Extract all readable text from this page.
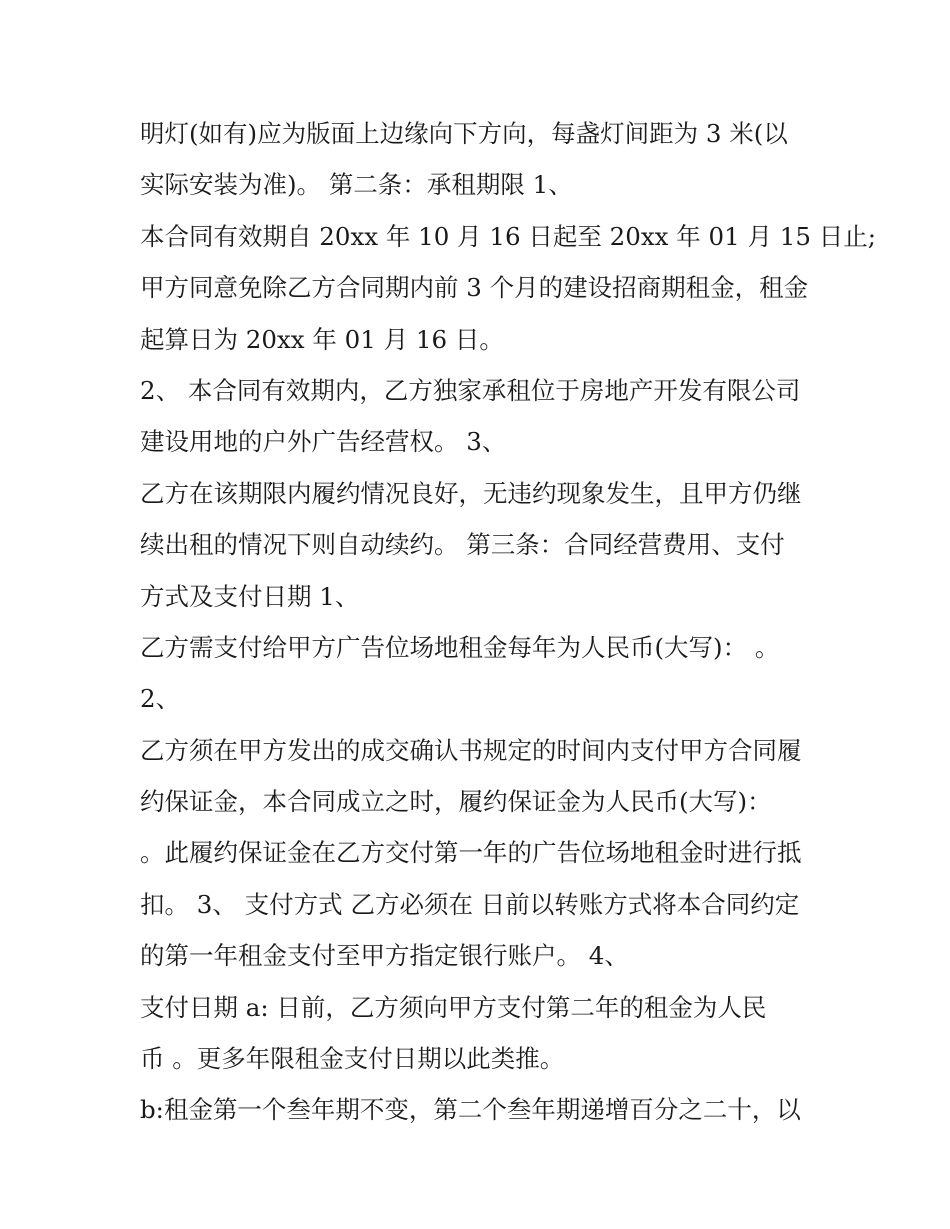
明灯(如有)应为版面上边缘向下方向，每盏灯间距为 3 米(以
实际安装为准)。 第二条：承租期限 1、
本合同有效期自 20xx 年 10 月 16 日起至 20xx 年 01 月 15 日止;
甲方同意免除乙方合同期内前 3 个月的建设招商期租金，租金
起算日为 20xx 年 01 月 16 日。
2、 本合同有效期内，乙方独家承租位于房地产开发有限公司
建设用地的户外广告经营权。 3、
乙方在该期限内履约情况良好，无违约现象发生，且甲方仍继
续出租的情况下则自动续约。 第三条：合同经营费用、支付
方式及支付日期 1、
乙方需支付给甲方广告位场地租金每年为人民币(大写)： 。
2、
乙方须在甲方发出的成交确认书规定的时间内支付甲方合同履
约保证金，本合同成立之时，履约保证金为人民币(大写)：
。此履约保证金在乙方交付第一年的广告位场地租金时进行抵
扣。 3、 支付方式 乙方必须在 日前以转账方式将本合同约定
的第一年租金支付至甲方指定银行账户。 4、
支付日期 a: 日前，乙方须向甲方支付第二年的租金为人民
币 。更多年限租金支付日期以此类推。
b:租金第一个叁年期不变，第二个叁年期递增百分之二十，以
